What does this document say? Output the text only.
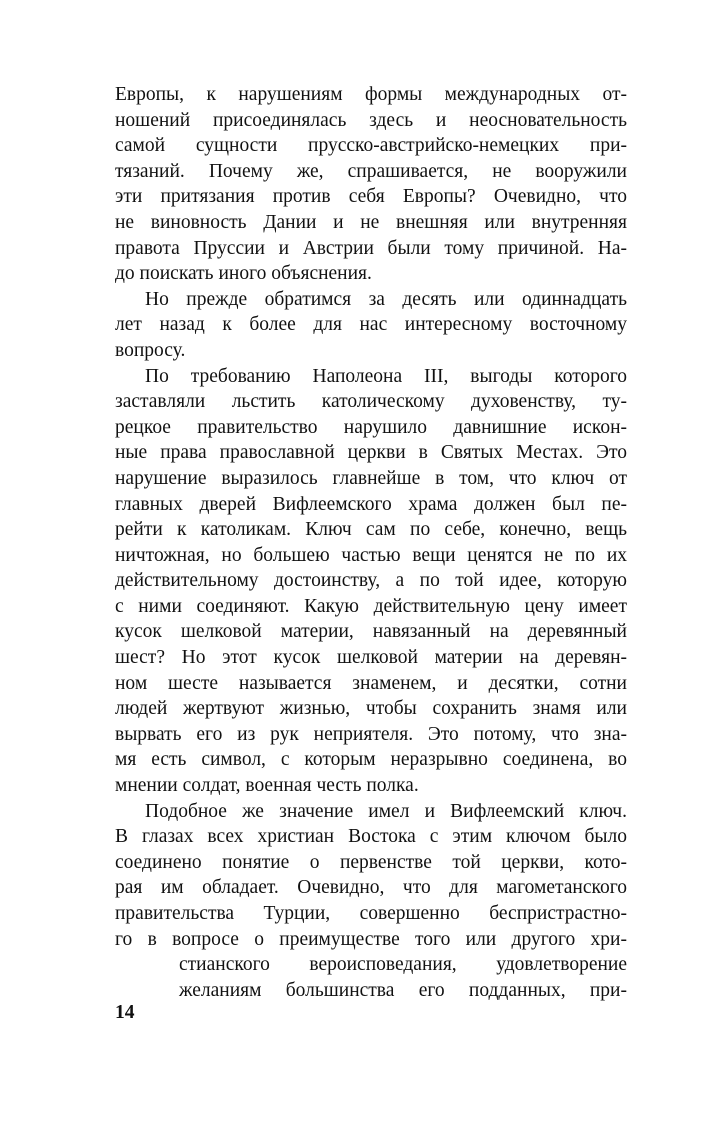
Европы, к нарушениям формы международных от-
ношений присоединялась здесь и неосновательность
самой сущности прусско-австрийско-немецких при-
тязаний. Почему же, спрашивается, не вооружили
эти притязания против себя Европы? Очевидно, что
не виновность Дании и не внешняя или внутренняя
правота Пруссии и Австрии были тому причиной. На-
до поискать иного объяснения.
Но прежде обратимся за десять или одиннадцать
лет назад к более для нас интересному восточному
вопросу.
По требованию Наполеона III, выгоды которого
заставляли льстить католическому духовенству, ту-
рецкое правительство нарушило давнишние искон-
ные права православной церкви в Святых Местах. Это
нарушение выразилось главнейше в том, что ключ от
главных дверей Вифлеемского храма должен был пе-
рейти к католикам. Ключ сам по себе, конечно, вещь
ничтожная, но большею частью вещи ценятся не по их
действительному достоинству, а по той идее, которую
с ними соединяют. Какую действительную цену имеет
кусок шелковой материи, навязанный на деревянный
шест? Но этот кусок шелковой материи на деревян-
ном шесте называется знаменем, и десятки, сотни
людей жертвуют жизнью, чтобы сохранить знамя или
вырвать его из рук неприятеля. Это потому, что зна-
мя есть символ, с которым неразрывно соединена, во
мнении солдат, военная честь полка.
Подобное же значение имел и Вифлеемский ключ.
В глазах всех христиан Востока с этим ключом было
соединено понятие о первенстве той церкви, кото-
рая им обладает. Очевидно, что для магометанского
правительства Турции, совершенно беспристрастно-
го в вопросе о преимуществе того или другого хри-
стианского вероисповедания, удовлетворение
желаниям большинства его подданных, при-
14
